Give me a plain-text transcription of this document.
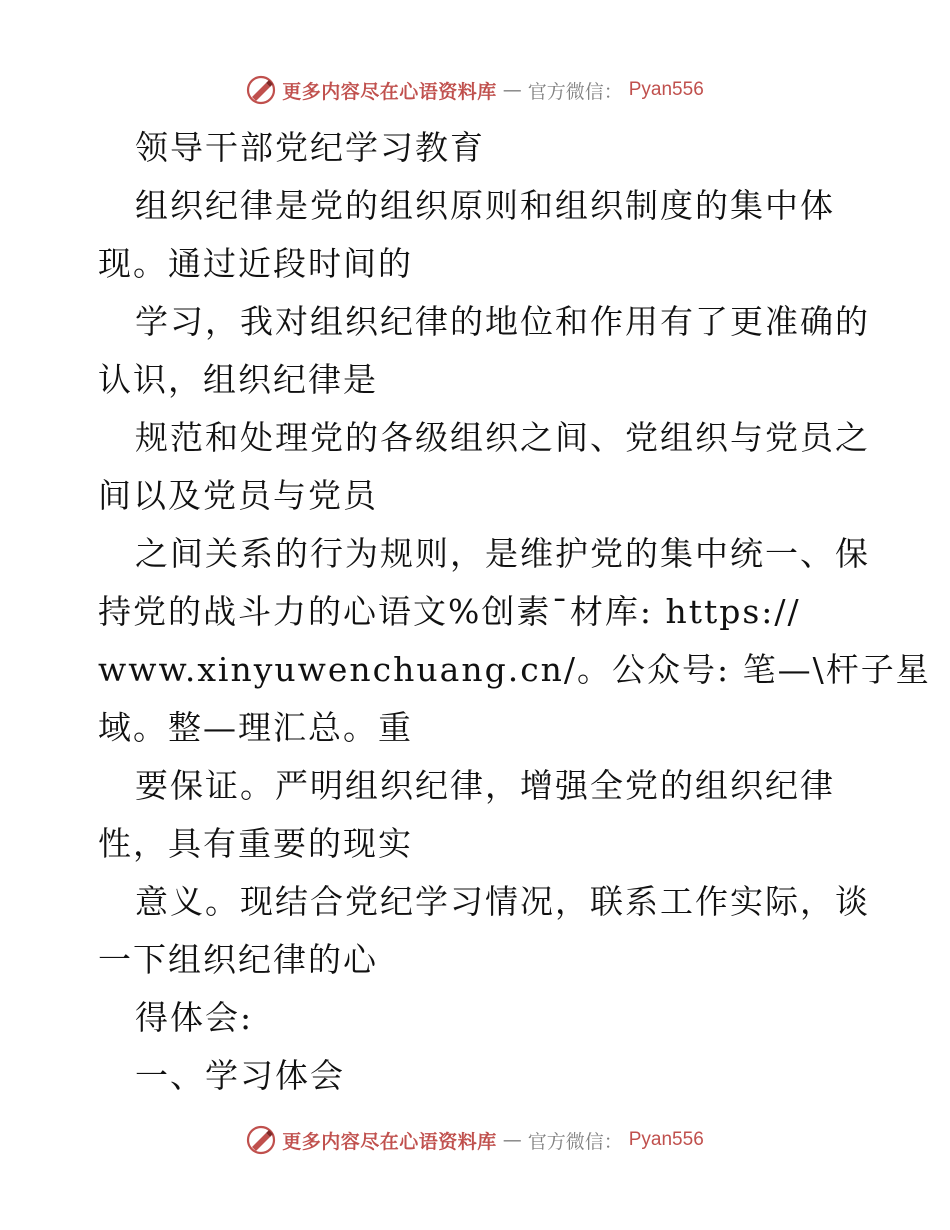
更多内容尽在心语资料库 — 官方微信： Pyan556
领导干部党纪学习教育
组织纪律是党的组织原则和组织制度的集中体
现。通过近段时间的
学习，我对组织纪律的地位和作用有了更准确的
认识，组织纪律是
规范和处理党的各级组织之间、党组织与党员之
间以及党员与党员
之间关系的行为规则，是维护党的集中统一、保
持党的战斗力的心语文%创素¯材库: https://
www.xinyuwenchuang.cn/。公众号: 笔—\杆子星
域。整—理汇总。重
要保证。严明组织纪律，增强全党的组织纪律
性，具有重要的现实
意义。现结合党纪学习情况，联系工作实际，谈
一下组织纪律的心
得体会:
一、学习体会
更多内容尽在心语资料库 — 官方微信： Pyan556
